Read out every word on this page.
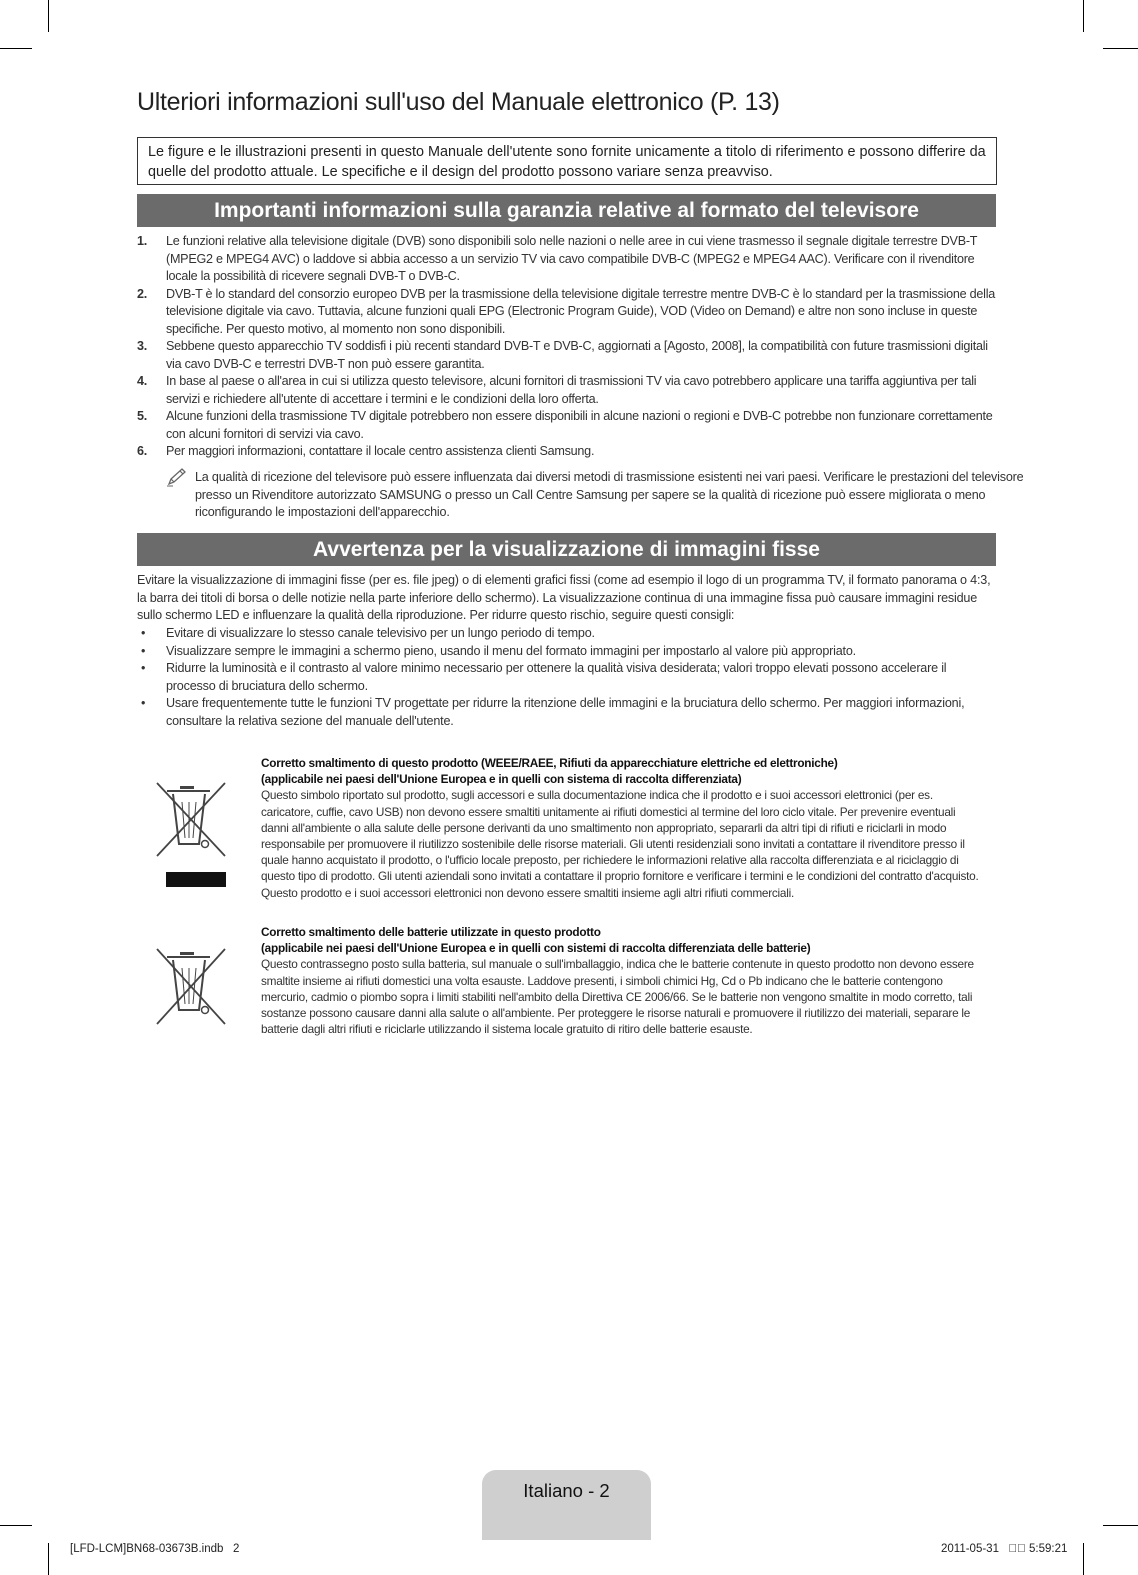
Ulteriori informazioni sull'uso del Manuale elettronico (P. 13)
Le figure e le illustrazioni presenti in questo Manuale dell'utente sono fornite unicamente a titolo di riferimento e possono differire da quelle del prodotto attuale. Le specifiche e il design del prodotto possono variare senza preavviso.
Importanti informazioni sulla garanzia relative al formato del televisore
1. Le funzioni relative alla televisione digitale (DVB) sono disponibili solo nelle nazioni o nelle aree in cui viene trasmesso il segnale digitale terrestre DVB-T (MPEG2 e MPEG4 AVC) o laddove si abbia accesso a un servizio TV via cavo compatibile DVB-C (MPEG2 e MPEG4 AAC). Verificare con il rivenditore locale la possibilità di ricevere segnali DVB-T o DVB-C.
2. DVB-T è lo standard del consorzio europeo DVB per la trasmissione della televisione digitale terrestre mentre DVB-C è lo standard per la trasmissione della televisione digitale via cavo. Tuttavia, alcune funzioni quali EPG (Electronic Program Guide), VOD (Video on Demand) e altre non sono incluse in queste specifiche. Per questo motivo, al momento non sono disponibili.
3. Sebbene questo apparecchio TV soddisfi i più recenti standard DVB-T e DVB-C, aggiornati a [Agosto, 2008], la compatibilità con future trasmissioni digitali via cavo DVB-C e terrestri DVB-T non può essere garantita.
4. In base al paese o all'area in cui si utilizza questo televisore, alcuni fornitori di trasmissioni TV via cavo potrebbero applicare una tariffa aggiuntiva per tali servizi e richiedere all'utente di accettare i termini e le condizioni della loro offerta.
5. Alcune funzioni della trasmissione TV digitale potrebbero non essere disponibili in alcune nazioni o regioni e DVB-C potrebbe non funzionare correttamente con alcuni fornitori di servizi via cavo.
6. Per maggiori informazioni, contattare il locale centro assistenza clienti Samsung.
La qualità di ricezione del televisore può essere influenzata dai diversi metodi di trasmissione esistenti nei vari paesi. Verificare le prestazioni del televisore presso un Rivenditore autorizzato SAMSUNG o presso un Call Centre Samsung per sapere se la qualità di ricezione può essere migliorata o meno riconfigurando le impostazioni dell'apparecchio.
Avvertenza per la visualizzazione di immagini fisse

Evitare la visualizzazione di immagini fisse (per es. file jpeg) o di elementi grafici fissi (come ad esempio il logo di un programma TV, il formato panorama o 4:3, la barra dei titoli di borsa o delle notizie nella parte inferiore dello schermo). La visualizzazione continua di una immagine fissa può causare immagini residue sullo schermo LED e influenzare la qualità della riproduzione. Per ridurre questo rischio, seguire questi consigli:

• Evitare di visualizzare lo stesso canale televisivo per un lungo periodo di tempo.
• Visualizzare sempre le immagini a schermo pieno, usando il menu del formato immagini per impostarlo al valore più appropriato.
• Ridurre la luminosità e il contrasto al valore minimo necessario per ottenere la qualità visiva desiderata; valori troppo elevati possono accelerare il processo di bruciatura dello schermo.
• Usare frequentemente tutte le funzioni TV progettate per ridurre la ritenzione delle immagini e la bruciatura dello schermo. Per maggiori informazioni, consultare la relativa sezione del manuale dell'utente.
Corretto smaltimento di questo prodotto (WEEE/RAEE, Rifiuti da apparecchiature elettriche ed elettroniche)
(applicabile nei paesi dell'Unione Europea e in quelli con sistema di raccolta differenziata)
Questo simbolo riportato sul prodotto, sugli accessori e sulla documentazione indica che il prodotto e i suoi accessori elettronici (per es. caricatore, cuffie, cavo USB) non devono essere smaltiti unitamente ai rifiuti domestici al termine del loro ciclo vitale. Per prevenire eventuali danni all'ambiente o alla salute delle persone derivanti da uno smaltimento non appropriato, separarli da altri tipi di rifiuti e riciclarli in modo responsabile per promuovere il riutilizzo sostenibile delle risorse materiali. Gli utenti residenziali sono invitati a contattare il rivenditore presso il quale hanno acquistato il prodotto, o l'ufficio locale preposto, per richiedere le informazioni relative alla raccolta differenziata e al riciclaggio di questo tipo di prodotto. Gli utenti aziendali sono invitati a contattare il proprio fornitore e verificare i termini e le condizioni del contratto d'acquisto. Questo prodotto e i suoi accessori elettronici non devono essere smaltiti insieme agli altri rifiuti commerciali.
Corretto smaltimento delle batterie utilizzate in questo prodotto
(applicabile nei paesi dell'Unione Europea e in quelli con sistemi di raccolta differenziata delle batterie)
Questo contrassegno posto sulla batteria, sul manuale o sull'imballaggio, indica che le batterie contenute in questo prodotto non devono essere smaltite insieme ai rifiuti domestici una volta esauste. Laddove presenti, i simboli chimici Hg, Cd o Pb indicano che le batterie contengono mercurio, cadmio o piombo sopra i limiti stabiliti nell'ambito della Direttiva CE 2006/66. Se le batterie non vengono smaltite in modo corretto, tali sostanze possono causare danni alla salute o all'ambiente. Per proteggere le risorse naturali e promuovere il riutilizzo dei materiali, separare le batterie dagli altri rifiuti e riciclarle utilizzando il sistema locale gratuito di ritiro delle batterie esauste.
Italiano - 2
[LFD-LCM]BN68-03673B.indb   2	2011-05-31   ￿￿ 5:59:21
